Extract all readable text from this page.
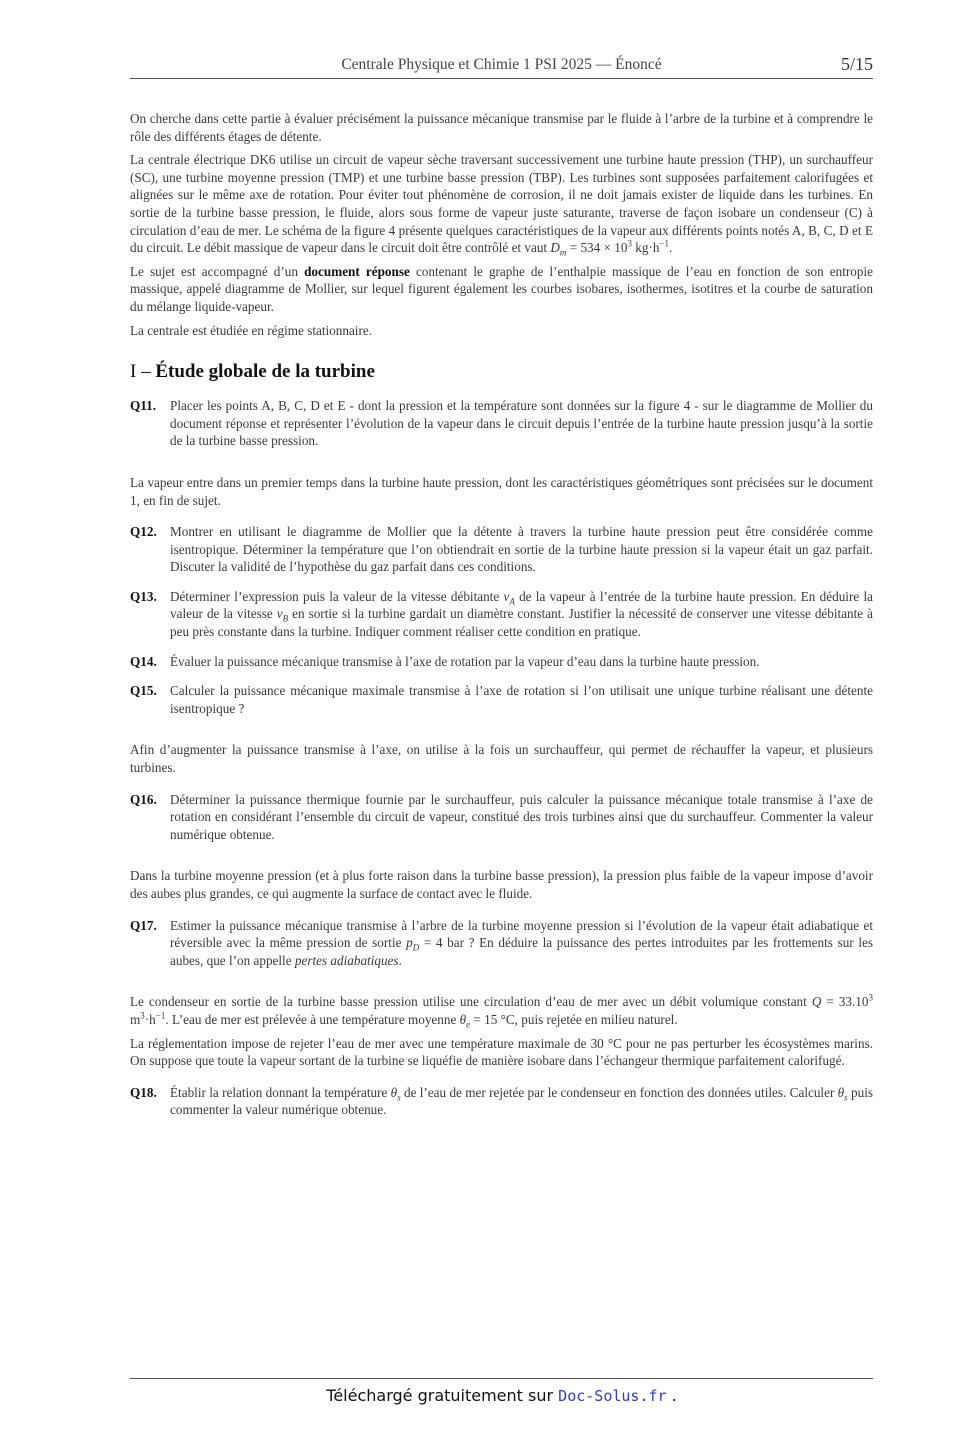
Centrale Physique et Chimie 1 PSI 2025 — Énoncé	5/15

On cherche dans cette partie à évaluer précisément la puissance mécanique transmise par le fluide à l’arbre de la turbine et à comprendre le rôle des différents étages de détente.

La centrale électrique DK6 utilise un circuit de vapeur sèche traversant successivement une turbine haute pression (THP), un surchauffeur (SC), une turbine moyenne pression (TMP) et une turbine basse pression (TBP). Les turbines sont supposées parfaitement calorifugées et alignées sur le même axe de rotation. Pour éviter tout phénomène de corrosion, il ne doit jamais exister de liquide dans les turbines. En sortie de la turbine basse pression, le fluide, alors sous forme de vapeur juste saturante, traverse de façon isobare un condenseur (C) à circulation d’eau de mer. Le schéma de la figure 4 présente quelques caractéristiques de la vapeur aux différents points notés A, B, C, D et E du circuit. Le débit massique de vapeur dans le circuit doit être contrôlé et vaut $D_m = 534 \times 10^3$ $kg\cdot h^{-1}$.

Le sujet est accompagné d’un document réponse contenant le graphe de l’enthalpie massique de l’eau en fonction de son entropie massique, appelé diagramme de Mollier, sur lequel figurent également les courbes isobares, isothermes, isotitres et la courbe de saturation du mélange liquide-vapeur.

La centrale est étudiée en régime stationnaire.

I – Étude globale de la turbine
Q11.	Placer les points A, B, C, D et E - dont la pression et la température sont données sur la figure 4 - sur le diagramme de Mollier du document réponse et représenter l’évolution de la vapeur dans le circuit depuis l’entrée de la turbine haute pression jusqu’à la sortie de la turbine basse pression.

La vapeur entre dans un premier temps dans la turbine haute pression, dont les caractéristiques géométriques sont précisées sur le document 1, en fin de sujet.

Q12.	Montrer en utilisant le diagramme de Mollier que la détente à travers la turbine haute pression peut être considérée comme isentropique. Déterminer la température que l’on obtiendrait en sortie de la turbine haute pression si la vapeur était un gaz parfait. Discuter la validité de l’hypothèse du gaz parfait dans ces conditions.
Q13.	Déterminer l’expression puis la valeur de la vitesse débitante $v_A$ de la vapeur à l’entrée de la turbine haute pression. En déduire la valeur de la vitesse $v_B$ en sortie si la turbine gardait un diamètre constant. Justifier la nécessité de conserver une vitesse débitante à peu près constante dans la turbine. Indiquer comment réaliser cette condition en pratique.
Q14.	Évaluer la puissance mécanique transmise à l’axe de rotation par la vapeur d’eau dans la turbine haute pression.
Q15.	Calculer la puissance mécanique maximale transmise à l’axe de rotation si l’on utilisait une unique turbine réalisant une détente isentropique ?

Afin d’augmenter la puissance transmise à l’axe, on utilise à la fois un surchauffeur, qui permet de réchauffer la vapeur, et plusieurs turbines.

Q16.	Déterminer la puissance thermique fournie par le surchauffeur, puis calculer la puissance mécanique totale transmise à l’axe de rotation en considérant l’ensemble du circuit de vapeur, constitué des trois turbines ainsi que du surchauffeur. Commenter la valeur numérique obtenue.

Dans la turbine moyenne pression (et à plus forte raison dans la turbine basse pression), la pression plus faible de la vapeur impose d’avoir des aubes plus grandes, ce qui augmente la surface de contact avec le fluide.

Q17.	Estimer la puissance mécanique transmise à l’arbre de la turbine moyenne pression si l’évolution de la vapeur était adiabatique et réversible avec la même pression de sortie $p_D = 4$ bar ? En déduire la puissance des pertes introduites par les frottements sur les aubes, que l’on appelle pertes adiabatiques.

Le condenseur en sortie de la turbine basse pression utilise une circulation d’eau de mer avec un débit volumique constant $Q = 33.10^3$ $m^3\cdot h^{-1}$. L’eau de mer est prélevée à une température moyenne $\theta_e = 15$ °C, puis rejetée en milieu naturel.

La réglementation impose de rejeter l’eau de mer avec une température maximale de 30 °C pour ne pas perturber les écosystèmes marins. On suppose que toute la vapeur sortant de la turbine se liquéfie de manière isobare dans l’échangeur thermique parfaitement calorifugé.

Q18.	Établir la relation donnant la température $\theta_s$ de l’eau de mer rejetée par le condenseur en fonction des données utiles. Calculer $\theta_s$ puis commenter la valeur numérique obtenue.
Téléchargé gratuitement sur Doc-Solus.fr .
